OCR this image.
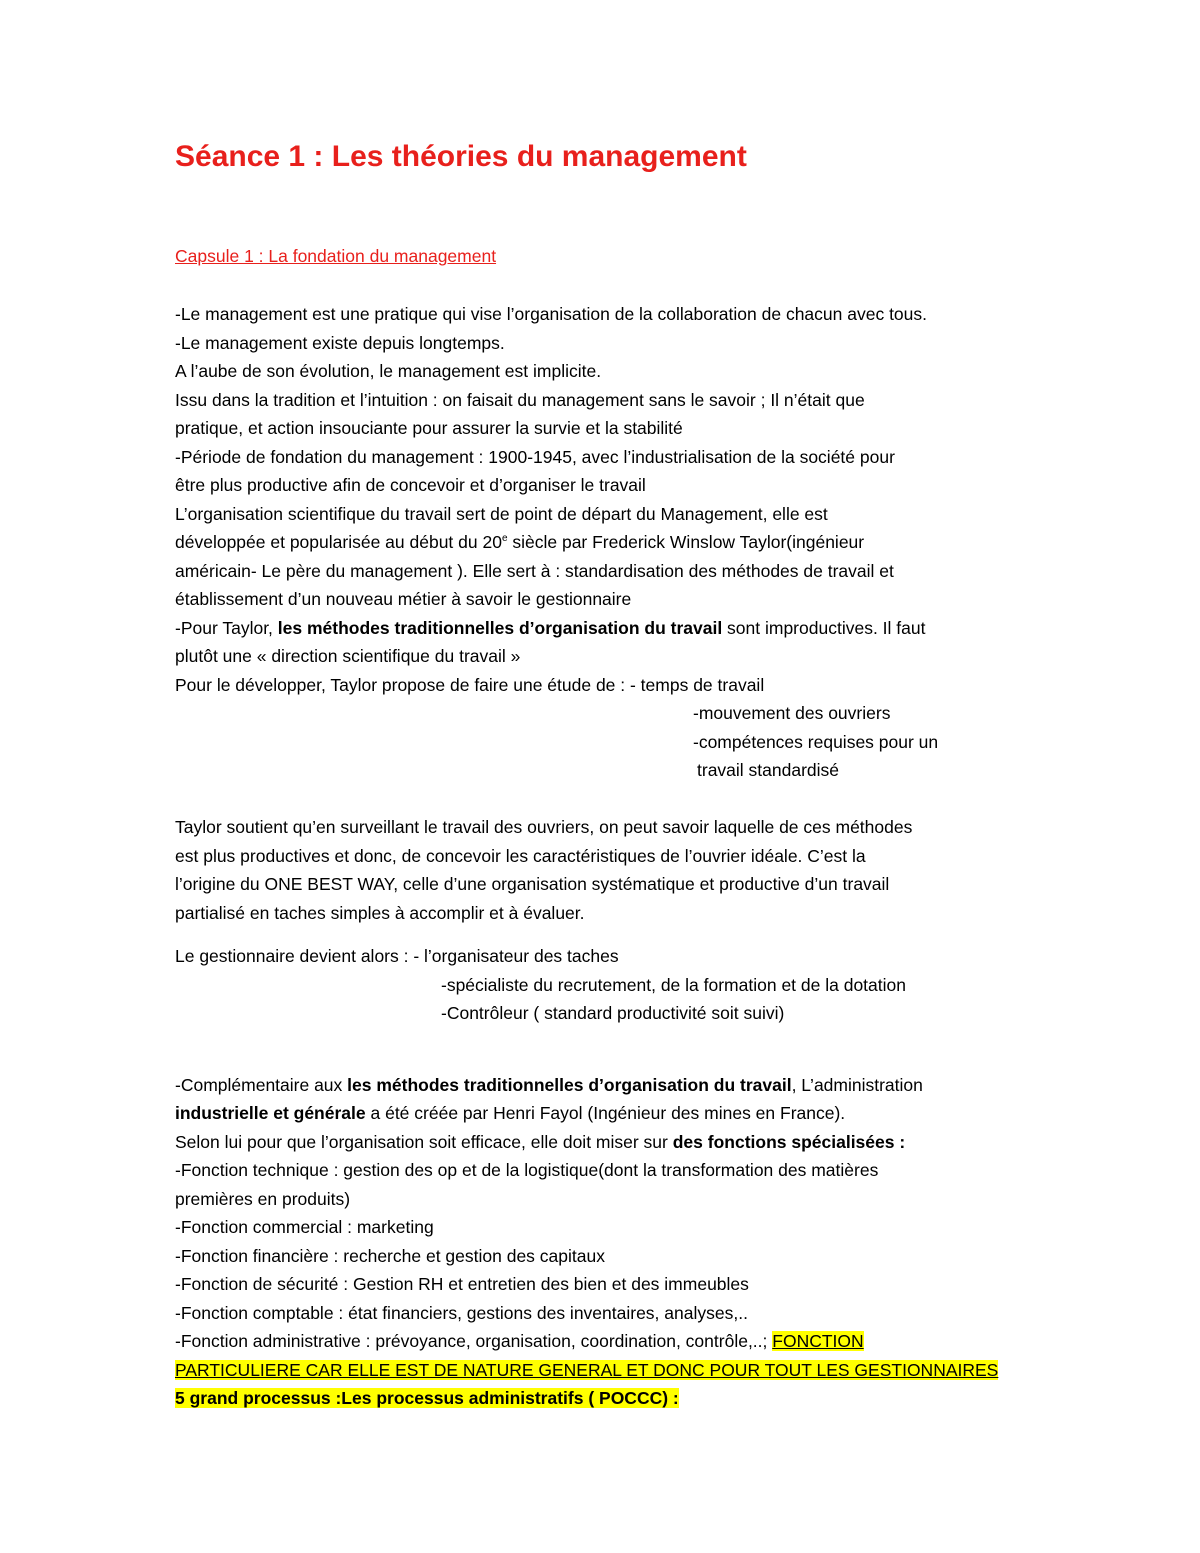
Séance 1 : Les théories du management
Capsule 1 : La fondation du management
-Le management est une pratique qui vise l’organisation de la collaboration de chacun avec tous.
-Le management existe depuis longtemps.
A l’aube de son évolution, le management est implicite.
Issu dans la tradition et l’intuition : on faisait du management sans le savoir ; Il n’était que
pratique, et action insouciante pour assurer la survie et la stabilité
-Période de fondation du management : 1900-1945, avec l’industrialisation de la société pour
être plus productive afin de concevoir et d’organiser le travail
L’organisation scientifique du travail sert de point de départ du Management, elle est
développée et popularisée au début du 20e siècle par Frederick Winslow Taylor(ingénieur
américain- Le père du management ). Elle sert à : standardisation des méthodes de travail et
établissement d’un nouveau métier à savoir le gestionnaire
-Pour Taylor, les méthodes traditionnelles d’organisation du travail sont improductives. Il faut
plutôt une « direction scientifique du travail »
Pour le développer, Taylor propose de faire une étude de : - temps de travail
-mouvement des ouvriers
-compétences requises pour un
travail standardisé
Taylor soutient qu’en surveillant le travail des ouvriers, on peut savoir laquelle de ces méthodes
est plus productives et donc, de concevoir les caractéristiques de l’ouvrier idéale. C’est la
l’origine du ONE BEST WAY, celle d’une organisation systématique et productive d’un travail
partialisé en taches simples à accomplir et à évaluer.
Le gestionnaire devient alors : - l’organisateur des taches
-spécialiste du recrutement, de la formation et de la dotation
-Contrôleur ( standard productivité soit suivi)
-Complémentaire aux les méthodes traditionnelles d’organisation du travail, L’administration
industrielle et générale a été créée par Henri Fayol (Ingénieur des mines en France).
Selon lui pour que l’organisation soit efficace, elle doit miser sur des fonctions spécialisées :
-Fonction technique : gestion des op et de la logistique(dont la transformation des matières
premières en produits)
-Fonction commercial : marketing
-Fonction financière : recherche et gestion des capitaux
-Fonction de sécurité : Gestion RH et entretien des bien et des immeubles
-Fonction comptable : état financiers, gestions des inventaires, analyses,..
-Fonction administrative : prévoyance, organisation, coordination, contrôle,..; FONCTION
PARTICULIERE CAR ELLE EST DE NATURE GENERAL ET DONC POUR TOUT LES GESTIONNAIRES
5 grand processus :Les processus administratifs ( POCCC) :
